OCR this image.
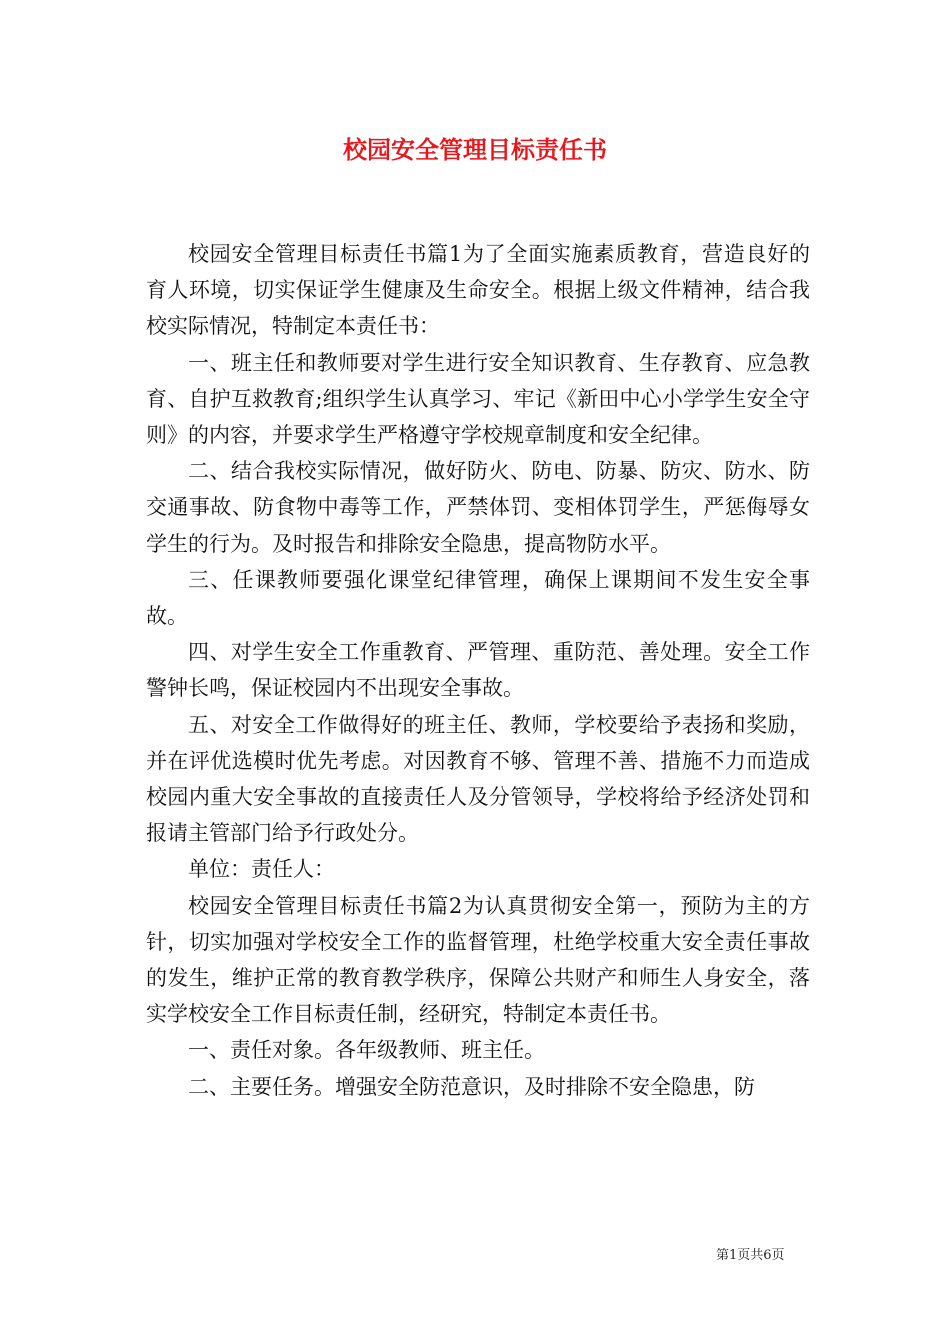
校园安全管理目标责任书

校园安全管理目标责任书篇1为了全面实施素质教育，营造良好的育人环境，切实保证学生健康及生命安全。根据上级文件精神，结合我校实际情况，特制定本责任书：

一、班主任和教师要对学生进行安全知识教育、生存教育、应急教育、自护互救教育;组织学生认真学习、牢记《新田中心小学学生安全守则》的内容，并要求学生严格遵守学校规章制度和安全纪律。

二、结合我校实际情况，做好防火、防电、防暴、防灾、防水、防交通事故、防食物中毒等工作，严禁体罚、变相体罚学生，严惩侮辱女学生的行为。及时报告和排除安全隐患，提高物防水平。

三、任课教师要强化课堂纪律管理，确保上课期间不发生安全事故。

四、对学生安全工作重教育、严管理、重防范、善处理。安全工作警钟长鸣，保证校园内不出现安全事故。

五、对安全工作做得好的班主任、教师，学校要给予表扬和奖励，并在评优选模时优先考虑。对因教育不够、管理不善、措施不力而造成校园内重大安全事故的直接责任人及分管领导，学校将给予经济处罚和报请主管部门给予行政处分。

单位：责任人：

校园安全管理目标责任书篇2为认真贯彻安全第一，预防为主的方针，切实加强对学校安全工作的监督管理，杜绝学校重大安全责任事故的发生，维护正常的教育教学秩序，保障公共财产和师生人身安全，落实学校安全工作目标责任制，经研究，特制定本责任书。

一、责任对象。各年级教师、班主任。

二、主要任务。增强安全防范意识，及时排除不安全隐患，防

第1页共6页
